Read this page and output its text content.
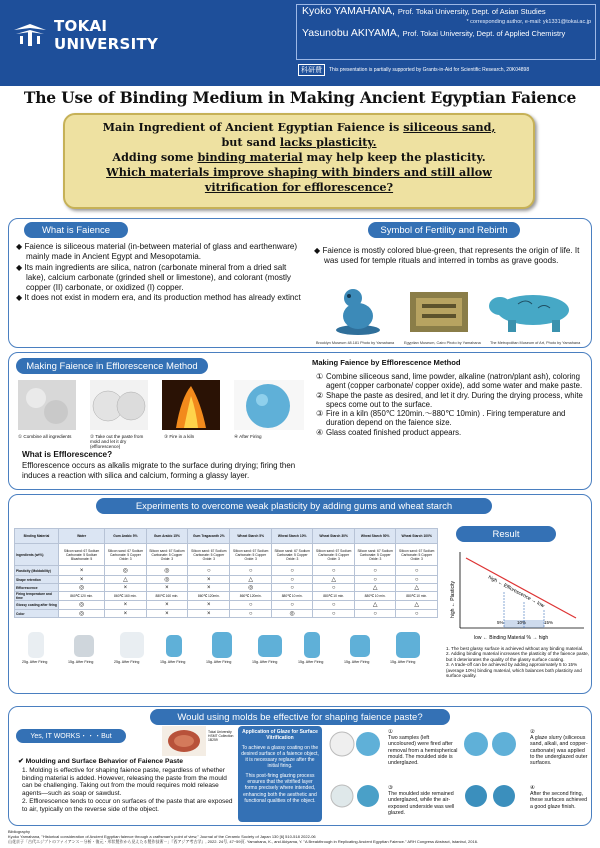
TOKAI UNIVERSITY
Kyoko YAMAHANA, Prof. Tokai University, Dept. of Asian Studies
* corresponding author, e-mail: yk1331@tokai.ac.jp
Yasunobu AKIYAMA, Prof. Tokai University, Dept. of Applied Chemistry
科研費	This presentation is partially supported by Grants-in-Aid for Scientific Research, 20K04898
The Use of Binding Medium in Making Ancient Egyptian Faience
Main Ingredient of Ancient Egyptian Faience is siliceous sand,
but sand lacks plasticity.
Adding some binding material may help keep the plasticity.
Which materials improve shaping with binders and still allow
vitrification for efflorescence?
What is Faience

◆ Faience is siliceous material (in-between material of glass and earthenware) mainly made in Ancient Egypt and Mesopotamia.

◆ Its main ingredients are silica, natron (carbonate mineral from a dried salt lake), calcium carbonate (grinded shell or limestone), and colorant (mostly copper (II) carbonate, or oxidized (I) copper.

◆ It does not exist in modern era, and its production method has already extinct

Symbol of Fertility and Rebirth

◆ Faience is mostly colored blue-green, that represents the origin of life. It was used for temple rituals and interred in tombs as grave goods.

Brooklyn Museum 48.181 Photo by Yamahana	Egyptian Museum, Cairo Photo by Yamahana The Metropolitan Museum of Art, Photo by Yamahana
Making Faience in Efflorescence Method
① Combine all ingredients	② Take out the paste from mold and let it dry (efflorescence)
③ Fire in a kiln	④ After Firing
What is Efflorescence?
Efflorescence occurs as alkalis migrate to the surface during drying; firing then induces a reaction with silica and calcium, forming a glassy layer.
Making Faience by Efflorescence Method
① Combine siliceous sand, lime powder, alkaline (natron/plant ash), coloring agent (copper carbonate/ copper oxide), add some water and make paste.
② Shape the paste as desired, and let it dry. During the drying process, white specs come out to the surface.
③ Fire in a kiln (850℃ 120min.～880℃ 10min) . Firing temperature and duration depend on the faience size.
④ Glass coated finished product appears.
Experiments to overcome weak plasticity by adding gums and wheat starch
Binding Material	Water	Gum Arabic 5%	Gum Arabic 15%	Gum Tragacanth 2%	Wheat Starch 5%	Wheat Starch 10%	Wheat Starch 30%	Wheat Starch 50%	Wheat Starch 100%
Ingredients (wt%)	Silicon sand: 67 Sodium Carbonate: 5 Sodium Bicarbonate: 5	Silicon sand: 67 Sodium Carbonate: 5 Copper Oxide: 3	Silicon sand: 67 Sodium Carbonate: 5 Copper Oxide: 3	Silicon sand: 67 Sodium Carbonate: 5 Copper Oxide: 3	Silicon sand: 67 Sodium Carbonate: 5 Copper Oxide: 3	Silicon sand: 67 Sodium Carbonate: 5 Copper Oxide: 3	Silicon sand: 67 Sodium Carbonate: 5 Copper Oxide: 3	Silicon sand: 67 Sodium Carbonate: 5 Copper Oxide: 3	Silicon sand: 67 Sodium Carbonate: 5 Copper Oxide: 3
Plasticity (Moldability)	×	◎	◎	○	○	○	○	○	○
Shape retention	×	△	◎	×	△	○	△	○	○
Efflorescence	◎	×	×	×	◎	○	○	△	△
Firing temperature and time	860℃ 120 min.	860℃ 160 min.	880℃ 160 min.	860℃ 120min.	860℃ 120min.	880℃ 10 min.	880℃ 10 min.	880℃ 10 min.	880℃ 10 min.
Glossy coating after firing	◎	×	×	×	○	○	○	△	△
Color	◎	×	×	×	○	◎	○	○	○
25g. After Firing	15g. After Firing	25g. After Firing	15g. After Firing	15g. After Firing	15g. After Firing	15g. After Firing	15g. After Firing	15g. After Firing
Result
high ← Plasticity	high ← Efflorescence → low
5%	10%	15%
low ← Binding Material % → high
1. The best glassy surface is achieved without any binding material.
2. Adding binding material increases the plasticity of the faience paste, but it deteriorates the quality of the glassy surface coating.
3. A trade-off can be achieved by adding approximately 5 to 15% (average 10%) binding material, which balances both plasticity and surface quality.
Would using molds be effective for shaping faience paste?
Yes, IT WORKS・・・But
Tokai University HSMT Collection 1B259
✔ Moulding and Surface Behavior of Faience Paste
1. Molding is effective for shaping faience paste, regardless of whether binding material is added. However, releasing the paste from the mould can be challenging. Taking out from the mould requires mold release agents—such as soap or sawdust.
2. Efflorescence tends to occur on surfaces of the paste that are exposed to air, typically on the reverse side of the object.
Application of Glaze for Surface Vitrification
To achieve a glassy coating on the desired surface of a faience object, it is necessary reglaze after the initial firing.
This post-firing glazing process ensures that the vitrified layer forms precisely where intended, enhancing both the aesthetic and functional qualities of the object.
①
Two samples (left uncoloured) were fired after removal from a hemispherical mould. The moulded side is underglazed.
③
The moulded side remained underglazed, while the air-exposed underside was well glazed.
②
A glaze slurry (siliceous sand, alkali, and copper-carbonate) was applied to the underglazed outer surfaces.
④
After the second firing, these surfaces achieved a good glaze finish.
Bibliography
Kyoko Yamahana, "Historical consideration of Ancient Egyptian faience through a craftsman's point of view," Journal of the Ceramic Society of Japan 130 [6] 510-518 2022-06
山花京子「古代エジプトのファイアンス－分析・復元・形状製作から見えたる製作技術－」『西アジア考古学』, 2022. 24号, 47~59頁. Yamahana, K., and Akiyama, Y. "A Breakthrough in Replicating Ancient Egyptian Faience." ARH Congress Abstract, Istanbul, 2016.
